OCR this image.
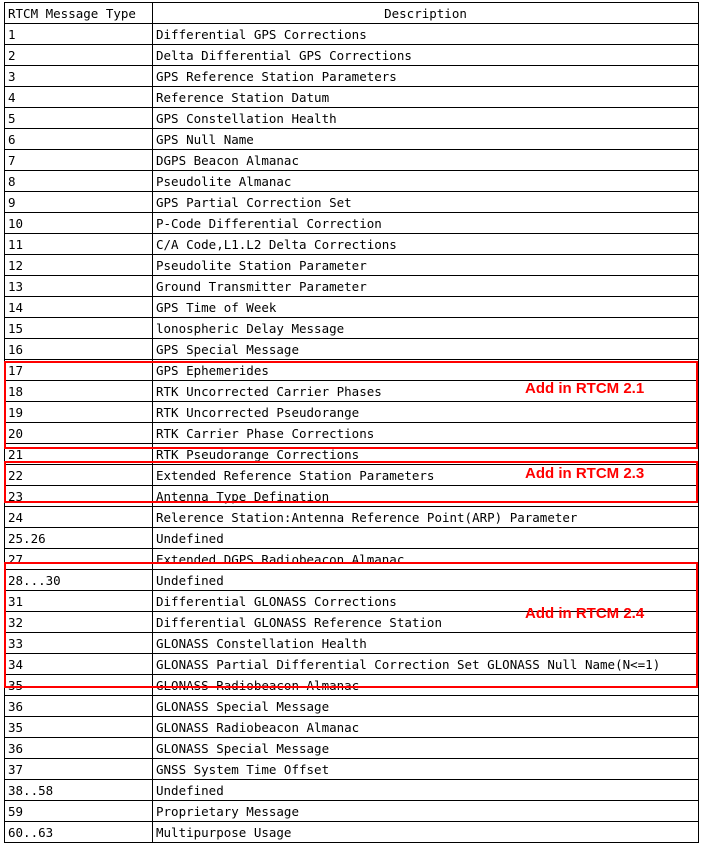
RTCM Message Type	Description
1	Differential GPS Corrections
2	Delta Differential GPS Corrections
3	GPS Reference Station Parameters
4	Reference Station Datum
5	GPS Constellation Health
6	GPS Null Name
7	DGPS Beacon Almanac
8	Pseudolite Almanac
9	GPS Partial Correction Set
10	P-Code Differential Correction
11	C/A Code,L1.L2 Delta Corrections
12	Pseudolite Station Parameter
13	Ground Transmitter Parameter
14	GPS Time of Week
15	lonospheric Delay Message
16	GPS Special Message
17	GPS Ephemerides
18	RTK Uncorrected Carrier Phases
19	RTK Uncorrected Pseudorange
20	RTK Carrier Phase Corrections
21	RTK Pseudorange Corrections
22	Extended Reference Station Parameters
23	Antenna Type Defination
24	Relerence Station:Antenna Reference Point(ARP) Parameter
25.26	Undefined
27	Extended DGPS Radiobeacon Almanac
28...30	Undefined
31	Differential GLONASS Corrections
32	Differential GLONASS Reference Station
33	GLONASS Constellation Health
34	GLONASS Partial Differential Correction Set GLONASS Null Name(N<=1)
35	GLONASS Radiobeacon Almanac
36	GLONASS Special Message
35	GLONASS Radiobeacon Almanac
36	GLONASS Special Message
37	GNSS System Time Offset
38..58	Undefined
59	Proprietary Message
60..63	Multipurpose Usage
Add in RTCM 2.1
Add in RTCM 2.3
Add in RTCM 2.4
